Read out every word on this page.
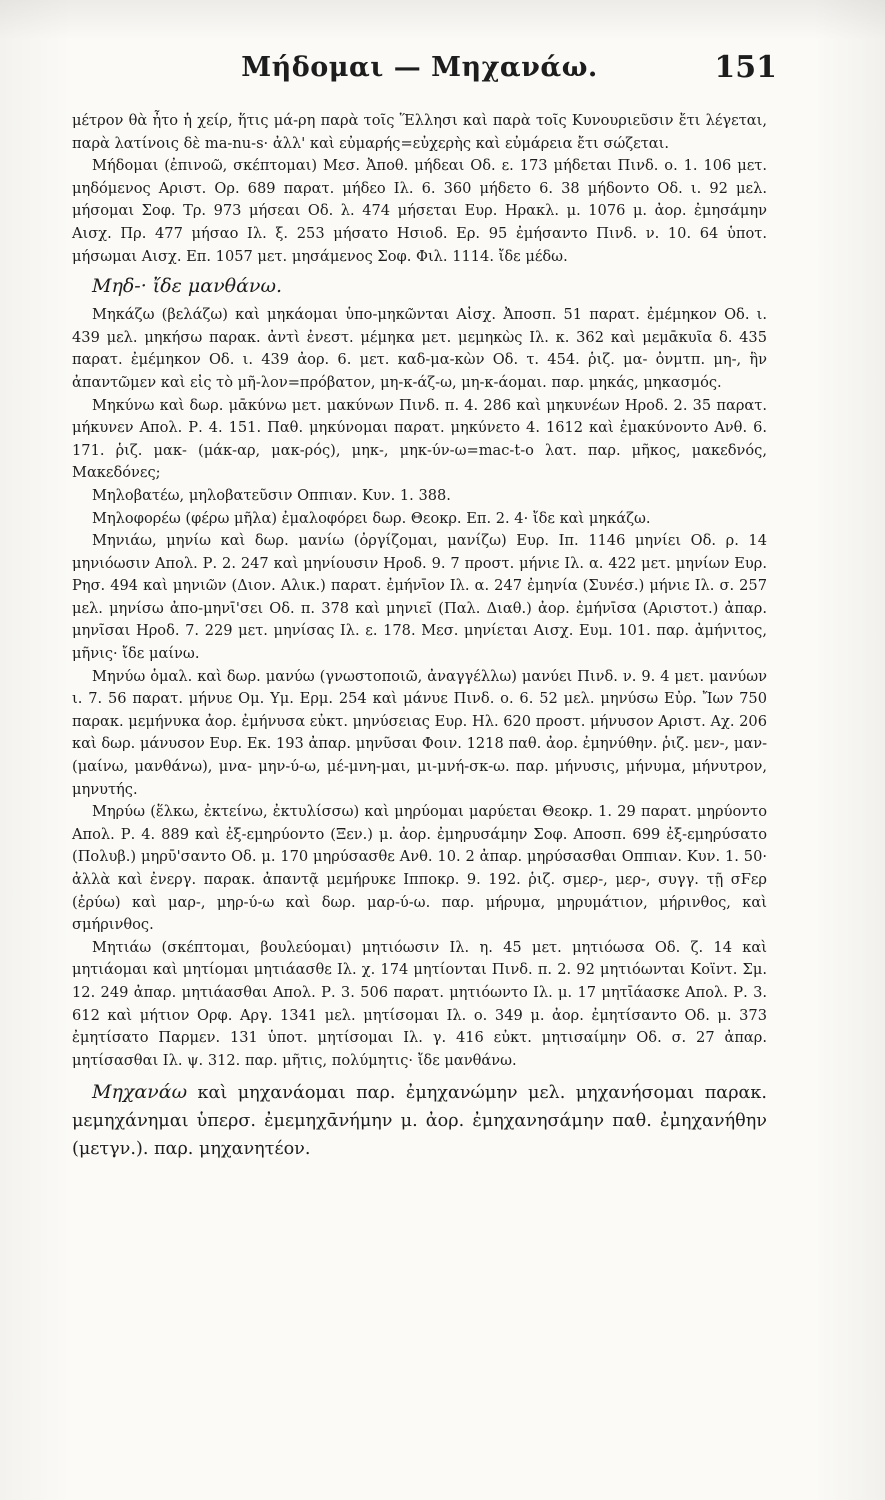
Μήδομαι — Μηχανάω.	151

μέτρον θὰ ἦτο ἡ χείρ, ἥτις μά-ρη παρὰ τοῖς Ἕλλησι καὶ παρὰ τοῖς Κυνουριεῦσιν ἔτι λέγεται, παρὰ λατίνοις δὲ ma-nu-s· ἀλλ' καὶ εὐμαρής=εὐχερὴς καὶ εὐμάρεια ἔτι σώζεται.

Μήδομαι (ἐπινοῶ, σκέπτομαι) Μεσ. Ἀποθ. μήδεαι Οδ. ε. 173 μήδεται Πινδ. ο. 1. 106 μετ. μηδόμενος Αριστ. Ορ. 689 παρατ. μήδεο Ιλ. 6. 360 μήδετο 6. 38 μήδοντο Οδ. ι. 92 μελ. μήσομαι Σοφ. Τρ. 973 μήσεαι Οδ. λ. 474 μήσεται Ευρ. Ηρακλ. μ. 1076 μ. ἀορ. ἐμησάμην Αισχ. Πρ. 477 μήσαο Ιλ. ξ. 253 μήσατο Ησιοδ. Ερ. 95 ἐμήσαντο Πινδ. ν. 10. 64 ὑποτ. μήσωμαι Αισχ. Επ. 1057 μετ. μησάμενος Σοφ. Φιλ. 1114. ἴδε μέδω.

Μηδ-· ἴδε μανθάνω.

Μηκάζω (βελάζω) καὶ μηκάομαι ὑπο-μηκῶνται Αἰσχ. Ἀποσπ. 51 παρατ. ἐμέμηκον Οδ. ι. 439 μελ. μηκήσω παρακ. ἀντὶ ἐνεστ. μέμηκα μετ. μεμηκὼς Ιλ. κ. 362 καὶ μεμᾱκυῖα δ. 435 παρατ. ἐμέμηκον Οδ. ι. 439 ἀορ. 6. μετ. καδ-μα-κὼν Οδ. τ. 454. ῥιζ. μα- ὀνμτπ. μη-, ἣν ἀπαντῶμεν καὶ εἰς τὸ μῆ-λον=πρόβατον, μη-κ-άζ-ω, μη-κ-άομαι. παρ. μηκάς, μηκασμός.

Μηκύνω καὶ δωρ. μᾱκύνω μετ. μακύνων Πινδ. π. 4. 286 καὶ μηκυνέων Ηροδ. 2. 35 παρατ. μήκυνεν Απολ. Ρ. 4. 151. Παθ. μηκύνομαι παρατ. μηκύνετο 4. 1612 καὶ ἐμακύνοντο Ανθ. 6. 171. ῥιζ. μακ- (μάκ-αρ, μακ-ρός), μηκ-, μηκ-ύν-ω=mac-t-o λατ. παρ. μῆκος, μακεδνός, Μακεδόνες;

Μηλοβατέω, μηλοβατεῦσιν Οππιαν. Κυν. 1. 388.

Μηλοφορέω (φέρω μῆλα) ἐμαλοφόρει δωρ. Θεοκρ. Επ. 2. 4· ἴδε καὶ μηκάζω.

Μηνιάω, μηνίω καὶ δωρ. μανίω (ὀργίζομαι, μανίζω) Ευρ. Ιπ. 1146 μηνίει Οδ. ρ. 14 μηνιόωσιν Απολ. Ρ. 2. 247 καὶ μηνίουσιν Ηροδ. 9. 7 προστ. μήνιε Ιλ. α. 422 μετ. μηνίων Ευρ. Ρησ. 494 καὶ μηνιῶν (Διον. Αλικ.) παρατ. ἐμήνῑον Ιλ. α. 247 ἐμηνία (Συνέσ.) μήνιε Ιλ. σ. 257 μελ. μηνίσω ἀπο-μηνῑ'σει Οδ. π. 378 καὶ μηνιεῖ (Παλ. Διαθ.) ἀορ. ἐμήνῑσα (Αριστοτ.) ἀπαρ. μηνῖσαι Ηροδ. 7. 229 μετ. μηνίσας Ιλ. ε. 178. Μεσ. μηνίεται Αισχ. Ευμ. 101. παρ. ἀμήνιτος, μῆνις· ἴδε μαίνω.

Μηνύω ὁμαλ. καὶ δωρ. μανύω (γνωστοποιῶ, ἀναγγέλλω) μανύει Πινδ. ν. 9. 4 μετ. μανύων ι. 7. 56 παρατ. μήνυε Ομ. Υμ. Ερμ. 254 καὶ μάνυε Πινδ. ο. 6. 52 μελ. μηνύσω Εὐρ. Ἴων 750 παρακ. μεμήνυκα ἀορ. ἐμήνυσα εὐκτ. μηνύσειας Ευρ. Ηλ. 620 προστ. μήνυσον Αριστ. Αχ. 206 καὶ δωρ. μάνυσον Ευρ. Εκ. 193 ἀπαρ. μηνῦσαι Φοιν. 1218 παθ. ἀορ. ἐμηνύθην. ῥιζ. μεν-, μαν- (μαίνω, μανθάνω), μνα- μην-ύ-ω, μέ-μνη-μαι, μι-μνή-σκ-ω. παρ. μήνυσις, μήνυμα, μήνυτρον, μηνυτής.

Μηρύω (ἕλκω, ἐκτείνω, ἐκτυλίσσω) καὶ μηρύομαι μαρύεται Θεοκρ. 1. 29 παρατ. μηρύοντο Απολ. Ρ. 4. 889 καὶ ἐξ-εμηρύοντο (Ξεν.) μ. ἀορ. ἐμηρυσάμην Σοφ. Αποσπ. 699 ἐξ-εμηρύσατο (Πολυβ.) μηρῡ'σαντο Οδ. μ. 170 μηρύσασθε Ανθ. 10. 2 ἀπαρ. μηρύσασθαι Οππιαν. Κυν. 1. 50· ἀλλὰ καὶ ἐνεργ. παρακ. ἀπαντᾷ μεμήρυκε Ιπποκρ. 9. 192. ῥιζ. σμερ-, μερ-, συγγ. τῇ σϜερ (ἐρύω) καὶ μαρ-, μηρ-ύ-ω καὶ δωρ. μαρ-ύ-ω. παρ. μήρυμα, μηρυμάτιον, μήρινθος, καὶ σμήρινθος.

Μητιάω (σκέπτομαι, βουλεύομαι) μητιόωσιν Ιλ. η. 45 μετ. μητιόωσα Οδ. ζ. 14 καὶ μητιάομαι καὶ μητίομαι μητιάασθε Ιλ. χ. 174 μητίονται Πινδ. π. 2. 92 μητιόωνται Κοϊντ. Σμ. 12. 249 ἀπαρ. μητιάασθαι Απολ. Ρ. 3. 506 παρατ. μητιόωντο Ιλ. μ. 17 μητῑάασκε Απολ. Ρ. 3. 612 καὶ μήτιον Ορφ. Αργ. 1341 μελ. μητίσομαι Ιλ. ο. 349 μ. ἀορ. ἐμητίσαντο Οδ. μ. 373 ἐμητίσατο Παρμεν. 131 ὑποτ. μητίσομαι Ιλ. γ. 416 εὐκτ. μητισαίμην Οδ. σ. 27 ἀπαρ. μητίσασθαι Ιλ. ψ. 312. παρ. μῆτις, πολύμητις· ἴδε μανθάνω.

Μηχανάω καὶ μηχανάομαι παρ. ἐμηχανώμην μελ. μηχανήσομαι παρακ. μεμηχάνημαι ὑπερσ. ἐμεμηχᾱνήμην μ. ἀορ. ἐμηχανησάμην παθ. ἐμηχανήθην (μετγν.). παρ. μηχανητέον.
